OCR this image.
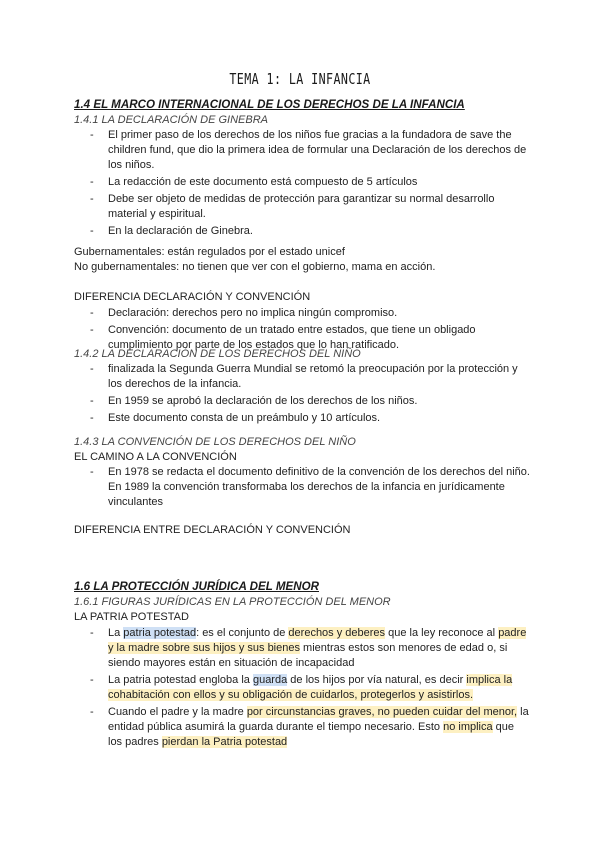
TEMA 1: LA INFANCIA
1.4 EL MARCO INTERNACIONAL DE LOS DERECHOS DE LA INFANCIA
1.4.1 LA DECLARACIÓN DE GINEBRA
- El primer paso de los derechos de los niños fue gracias a la fundadora de save the children fund, que dio la primera idea de formular una Declaración de los derechos de los niños.
- La redacción de este documento está compuesto de 5 artículos
- Debe ser objeto de medidas de protección para garantizar su normal desarrollo material y espiritual.
- En la declaración de Ginebra.
Gubernamentales: están regulados por el estado unicef
No gubernamentales: no tienen que ver con el gobierno, mama en acción.
DIFERENCIA DECLARACIÓN Y CONVENCIÓN
- Declaración: derechos pero no implica ningún compromiso.
- Convención: documento de un tratado entre estados, que tiene un obligado cumplimiento por parte de los estados que lo han ratificado.
1.4.2 LA DECLARACIÓN DE LOS DERECHOS DEL NIÑO
- finalizada la Segunda Guerra Mundial se retomó la preocupación por la protección y los derechos de la infancia.
- En 1959 se aprobó la declaración de los derechos de los niños.
- Este documento consta de un preámbulo y 10 artículos.
1.4.3 LA CONVENCIÓN DE LOS DERECHOS DEL NIÑO
EL CAMINO A LA CONVENCIÓN
- En 1978 se redacta el documento definitivo de la convención de los derechos del niño. En 1989 la convención transformaba los derechos de la infancia en jurídicamente vinculantes
DIFERENCIA ENTRE DECLARACIÓN Y CONVENCIÓN
1.6 LA PROTECCIÓN JURÍDICA DEL MENOR
1.6.1 FIGURAS JURÍDICAS EN LA PROTECCIÓN DEL MENOR
LA PATRIA POTESTAD
- La patria potestad: es el conjunto de derechos y deberes que la ley reconoce al padre y la madre sobre sus hijos y sus bienes mientras estos son menores de edad o, si siendo mayores están en situación de incapacidad
- La patria potestad engloba la guarda de los hijos por vía natural, es decir implica la cohabitación con ellos y su obligación de cuidarlos, protegerlos y asistirlos.
- Cuando el padre y la madre por circunstancias graves, no pueden cuidar del menor, la entidad pública asumirá la guarda durante el tiempo necesario. Esto no implica que los padres pierdan la Patria potestad
